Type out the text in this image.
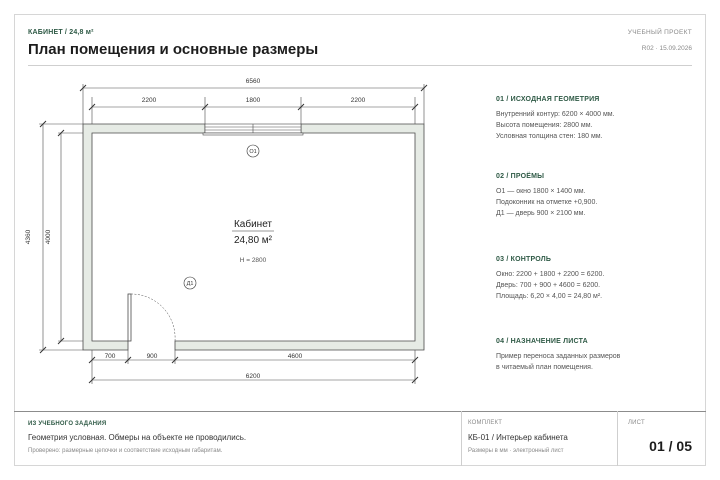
КАБИНЕТ / 24,8 м²
План помещения и основные размеры
УЧЕБНЫЙ ПРОЕКТ
R02 · 15.09.2026
О1
Д1
6560
2200	1800	2200
4360 4000
700	900	4600
6200
Кабинет
24,80 м²
H = 2800
01 / ИСХОДНАЯ ГЕОМЕТРИЯ

Внутренний контур: 6200 × 4000 мм.
Высота помещения: 2800 мм.
Условная толщина стен: 180 мм.

02 / ПРОЁМЫ

О1 — окно 1800 × 1400 мм.
Подоконник на отметке +0,900.
Д1 — дверь 900 × 2100 мм.

03 / КОНТРОЛЬ

Окно: 2200 + 1800 + 2200 = 6200.
Дверь: 700 + 900 + 4600 = 6200.
Площадь: 6,20 × 4,00 = 24,80 м².

04 / НАЗНАЧЕНИЕ ЛИСТА

Пример переноса заданных размеров
в читаемый план помещения.

ИЗ УЧЕБНОГО ЗАДАНИЯ
Геометрия условная. Обмеры на объекте не проводились.
Проверено: размерные цепочки и соответствие исходным габаритам.
КОМПЛЕКТ
КБ-01 / Интерьер кабинета
Размеры в мм · электронный лист
ЛИСТ
01 / 05
